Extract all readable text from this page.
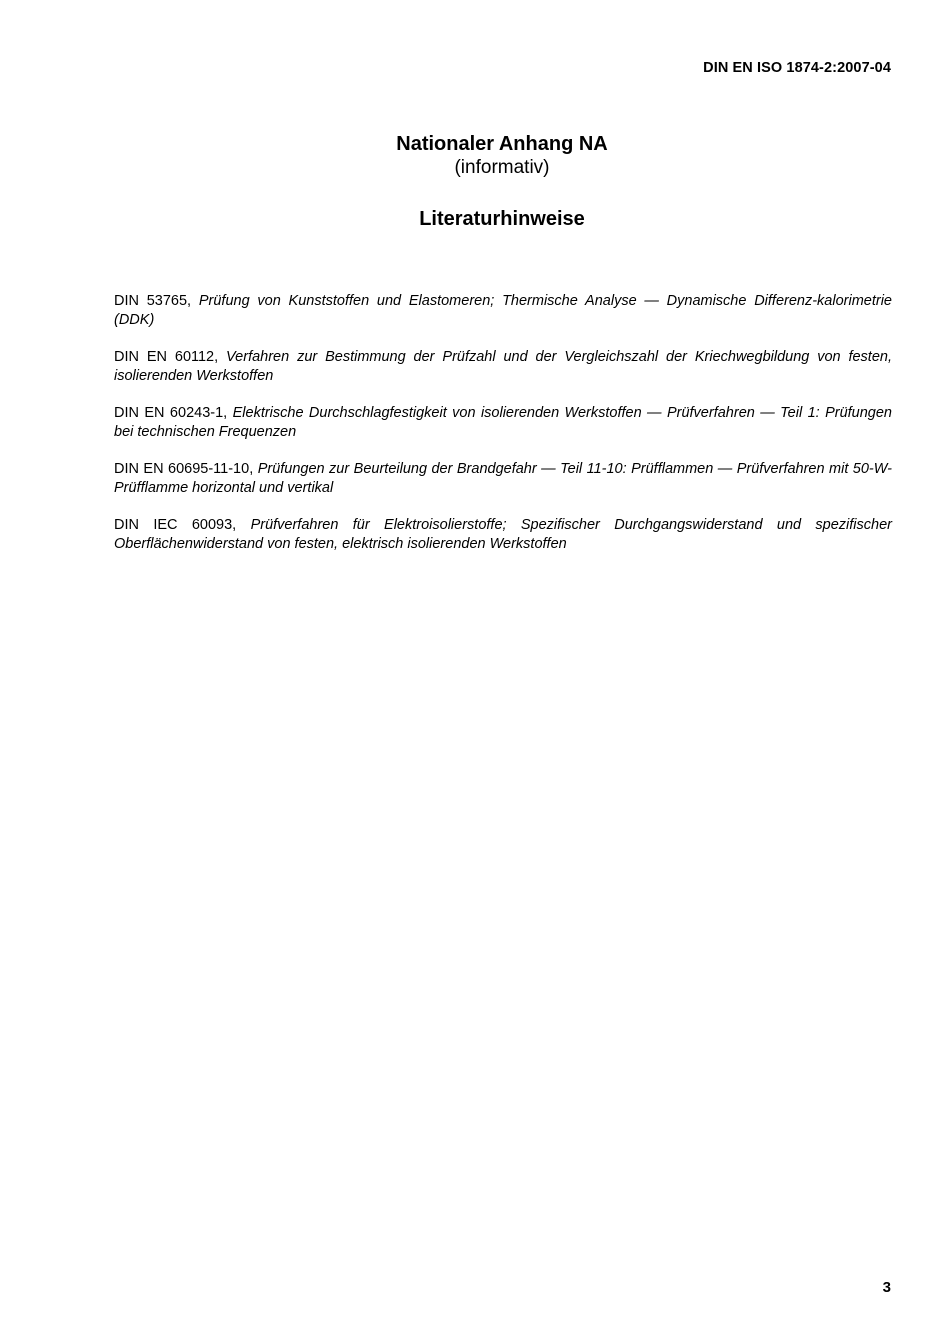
DIN EN ISO 1874-2:2007-04
Nationaler Anhang NA
(informativ)
Literaturhinweise
DIN 53765, Prüfung von Kunststoffen und Elastomeren; Thermische Analyse — Dynamische Differenz-kalorimetrie (DDK)
DIN EN 60112, Verfahren zur Bestimmung der Prüfzahl und der Vergleichszahl der Kriechwegbildung von festen, isolierenden Werkstoffen
DIN EN 60243-1, Elektrische Durchschlagfestigkeit von isolierenden Werkstoffen — Prüfverfahren — Teil 1: Prüfungen bei technischen Frequenzen
DIN EN 60695-11-10, Prüfungen zur Beurteilung der Brandgefahr — Teil 11-10: Prüfflammen — Prüfverfahren mit 50-W-Prüfflamme horizontal und vertikal
DIN IEC 60093, Prüfverfahren für Elektroisolierstoffe; Spezifischer Durchgangswiderstand und spezifischer Oberflächenwiderstand von festen, elektrisch isolierenden Werkstoffen
3
